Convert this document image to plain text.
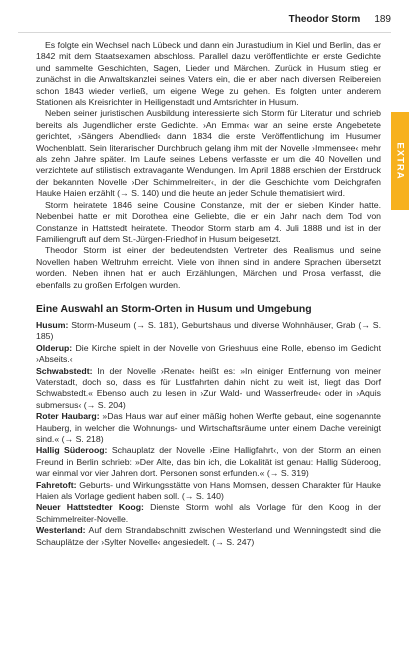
Theodor Storm 189
EXTRA

Es folgte ein Wechsel nach Lübeck und dann ein Jurastudium in Kiel und Berlin, das er 1842 mit dem Staatsexamen abschloss. Parallel dazu veröffentlichte er erste Gedichte und sammelte Geschichten, Sagen, Lieder und Märchen. Zurück in Husum stieg er zunächst in die Anwaltskanzlei seines Vaters ein, die er aber nach diversen Reibereien schon 1843 wieder verließ, um eigene Wege zu gehen. Es folgten unter anderem Stationen als Kreisrichter in Heiligenstadt und Amtsrichter in Husum.

Neben seiner juristischen Ausbildung interessierte sich Storm für Literatur und schrieb bereits als Jugendlicher erste Gedichte. ›An Emma‹ war an seine erste Angebetete gerichtet, ›Sängers Abendlied‹ dann 1834 die erste Veröffentlichung im Husumer Wochenblatt. Sein literarischer Durchbruch gelang ihm mit der Novelle ›Immensee‹ mehr als zehn Jahre später. Im Laufe seines Lebens verfasste er um die 40 Novellen und verzichtete auf stilistisch extravagante Wendungen. Im April 1888 erschien der Erstdruck der bekannten Novelle ›Der Schimmelreiter‹, in der die Geschichte vom Deichgrafen Hauke Haien erzählt (→ S. 140) und die heute an jeder Schule thematisiert wird.

Storm heiratete 1846 seine Cousine Constanze, mit der er sieben Kinder hatte. Nebenbei hatte er mit Dorothea eine Geliebte, die er ein Jahr nach dem Tod von Constanze in Hattstedt heiratete. Theodor Storm starb am 4. Juli 1888 und ist in der Familiengruft auf dem St.-Jürgen-Friedhof in Husum beigesetzt.

Theodor Storm ist einer der bedeutendsten Vertreter des Realismus und seine Novellen haben Weltruhm erreicht. Viele von ihnen sind in andere Sprachen übersetzt worden. Neben ihnen hat er auch Erzählungen, Märchen und Prosa verfasst, die ebenfalls zu großen Erfolgen wurden.

Eine Auswahl an Storm-Orten in Husum und Umgebung

Husum: Storm-Museum (→ S. 181), Geburtshaus und diverse Wohnhäuser, Grab (→ S. 185)

Olderup: Die Kirche spielt in der Novelle von Grieshuus eine Rolle, ebenso im Gedicht ›Abseits.‹

Schwabstedt: In der Novelle ›Renate‹ heißt es: »In einiger Entfernung von meiner Vaterstadt, doch so, dass es für Lustfahrten dahin nicht zu weit ist, liegt das Dorf Schwabstedt.« Ebenso auch zu lesen in ›Zur Wald- und Wasserfreude‹ oder in ›Aquis submersus‹ (→ S. 204)

Roter Haubarg: »Das Haus war auf einer mäßig hohen Werfte gebaut, eine sogenannte Hauberg, in welcher die Wohnungs- und Wirtschaftsräume unter einem Dache vereinigt sind.« (→ S. 218)

Hallig Süderoog: Schauplatz der Novelle ›Eine Halligfahrt‹, von der Storm an einen Freund in Berlin schrieb: »Der Alte, das bin ich, die Lokalität ist genau: Hallig Süderoog, war einmal vor vier Jahren dort. Personen sonst erfunden.« (→ S. 319)

Fahretoft: Geburts- und Wirkungsstätte von Hans Momsen, dessen Charakter für Hauke Haien als Vorlage gedient haben soll. (→ S. 140)

Neuer Hattstedter Koog: Dienste Storm wohl als Vorlage für den Koog in der Schimmelreiter-Novelle.

Westerland: Auf dem Strandabschnitt zwischen Westerland und Wenningstedt sind die Schauplätze der ›Sylter Novelle‹ angesiedelt. (→ S. 247)
